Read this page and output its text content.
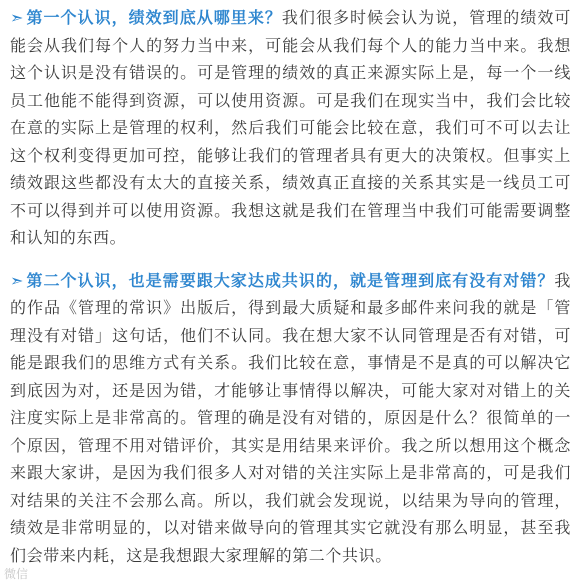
➣ 第一个认识，绩效到底从哪里来？我们很多时候会认为说，管理的绩效可能会从我们每个人的努力当中来，可能会从我们每个人的能力当中来。我想这个认识是没有错误的。可是管理的绩效的真正来源实际上是，每一个一线员工他能不能得到资源，可以使用资源。可是我们在现实当中，我们会比较在意的实际上是管理的权利，然后我们可能会比较在意，我们可不可以去让这个权利变得更加可控，能够让我们的管理者具有更大的决策权。但事实上绩效跟这些都没有太大的直接关系，绩效真正直接的关系其实是一线员工可不可以得到并可以使用资源。我想这就是我们在管理当中我们可能需要调整和认知的东西。

➣ 第二个认识，也是需要跟大家达成共识的，就是管理到底有没有对错？我的作品《管理的常识》出版后，得到最大质疑和最多邮件来问我的就是「管理没有对错」这句话，他们不认同。我在想大家不认同管理是否有对错，可能是跟我们的思维方式有关系。我们比较在意，事情是不是真的可以解决它到底因为对，还是因为错，才能够让事情得以解决，可能大家对对错上的关注度实际上是非常高的。管理的确是没有对错的，原因是什么？很简单的一个原因，管理不用对错评价，其实是用结果来评价。我之所以想用这个概念来跟大家讲，是因为我们很多人对对错的关注实际上是非常高的，可是我们对结果的关注不会那么高。所以，我们就会发现说，以结果为导向的管理，绩效是非常明显的，以对错来做导向的管理其实它就没有那么明显，甚至我们会带来内耗，这是我想跟大家理解的第二个共识。

微信
